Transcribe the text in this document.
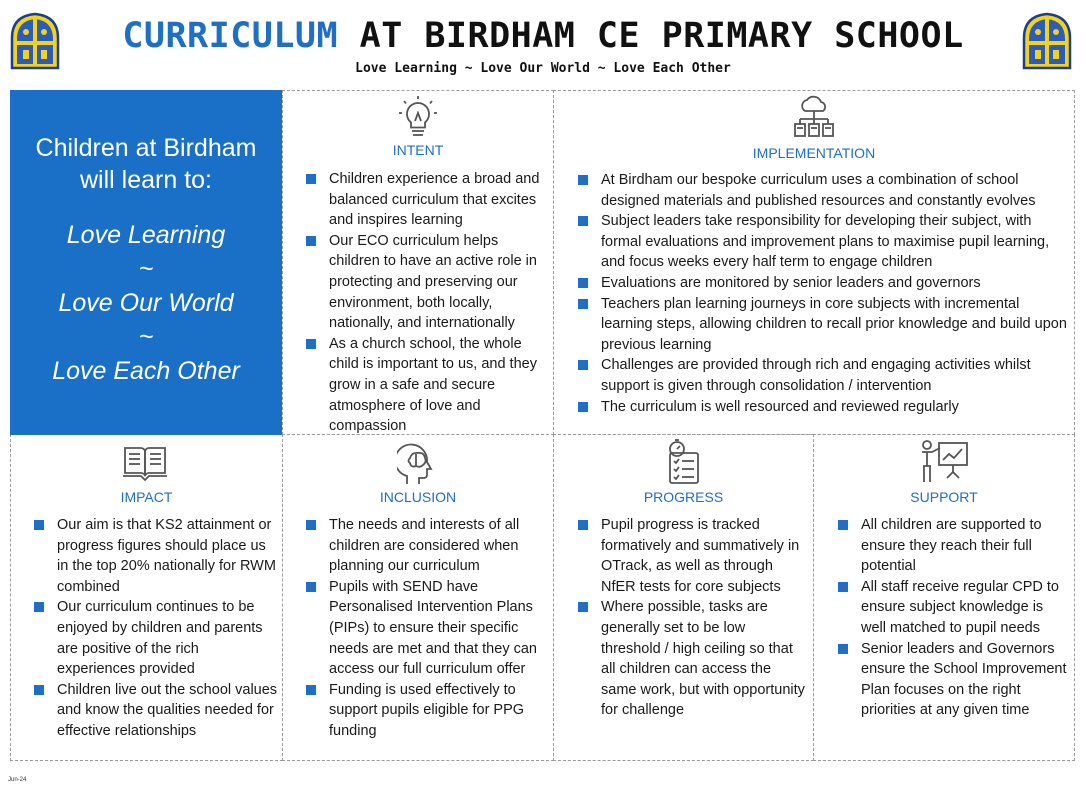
CURRICULUM AT BIRDHAM CE PRIMARY SCHOOL
Love Learning ~ Love Our World ~ Love Each Other
Children at Birdham
will learn to:
Love Learning
~
Love Our World
~
Love Each Other
INTENT
Children experience a broad and balanced curriculum that excites and inspires learning
Our ECO curriculum helps children to have an active role in protecting and preserving our environment, both locally, nationally, and internationally
As a church school, the whole child is important to us, and they grow in a safe and secure atmosphere of love and compassion
IMPLEMENTATION
At Birdham our bespoke curriculum uses a combination of school designed materials and published resources and constantly evolves
Subject leaders take responsibility for developing their subject, with formal evaluations and improvement plans to maximise pupil learning, and focus weeks every half term to engage children
Evaluations are monitored by senior leaders and governors
Teachers plan learning journeys in core subjects with incremental learning steps, allowing children to recall prior knowledge and build upon previous learning
Challenges are provided through rich and engaging activities whilst support is given through consolidation / intervention
The curriculum is well resourced and reviewed regularly
IMPACT
Our aim is that KS2 attainment or progress figures should place us in the top 20% nationally for RWM combined
Our curriculum continues to be enjoyed by children and parents are positive of the rich experiences provided
Children live out the school values and know the qualities needed for effective relationships
INCLUSION
The needs and interests of all children are considered when planning our curriculum
Pupils with SEND have Personalised Intervention Plans (PIPs) to ensure their specific needs are met and that they can access our full curriculum offer
Funding is used effectively to support pupils eligible for PPG funding
PROGRESS
Pupil progress is tracked formatively and summatively in OTrack, as well as through NfER tests for core subjects
Where possible, tasks are generally set to be low threshold / high ceiling so that all children can access the same work, but with opportunity for challenge
SUPPORT
All children are supported to ensure they reach their full potential
All staff receive regular CPD to ensure subject knowledge is well matched to pupil needs
Senior leaders and Governors ensure the School Improvement Plan focuses on the right priorities at any given time
Jun-24
